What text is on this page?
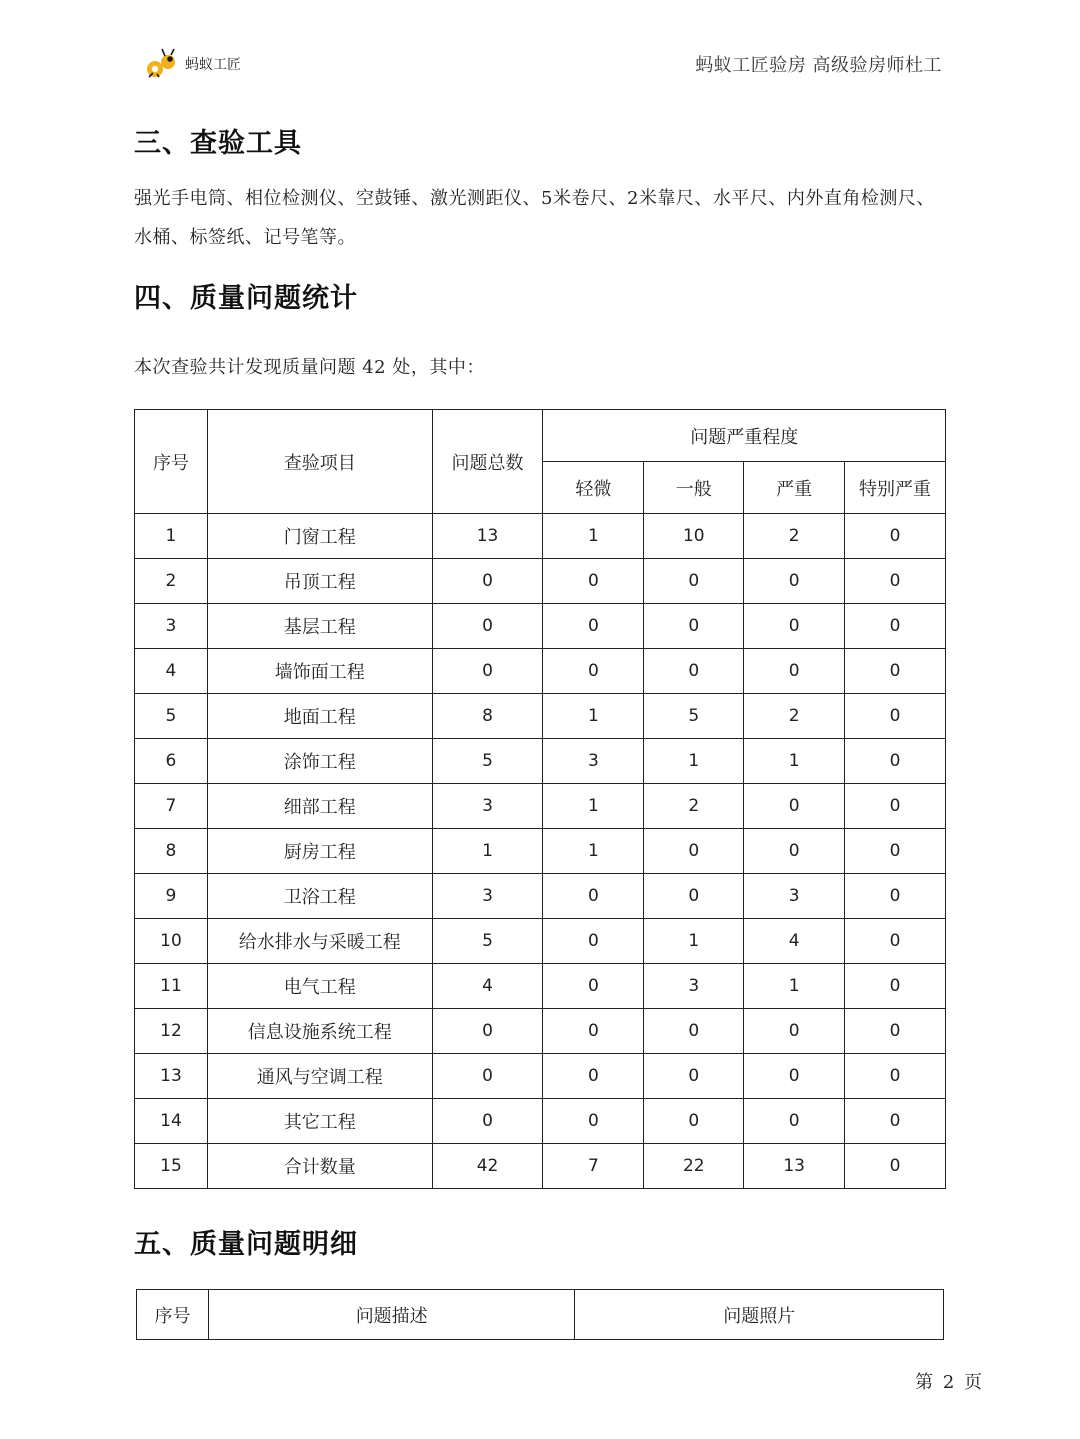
蚂蚁工匠	蚂蚁工匠验房 高级验房师杜工
三、查验工具
强光手电筒、相位检测仪、空鼓锤、激光测距仪、5米卷尺、2米靠尺、水平尺、内外直角检测尺、
水桶、标签纸、记号笔等。
四、质量问题统计
本次查验共计发现质量问题 42 处，其中：
序号	查验项目	问题总数	问题严重程度			
			轻微	一般	严重	特别严重
1	门窗工程	13	1	10	2	0
2	吊顶工程	0	0	0	0	0
3	基层工程	0	0	0	0	0
4	墙饰面工程	0	0	0	0	0
5	地面工程	8	1	5	2	0
6	涂饰工程	5	3	1	1	0
7	细部工程	3	1	2	0	0
8	厨房工程	1	1	0	0	0
9	卫浴工程	3	0	0	3	0
10	给水排水与采暖工程	5	0	1	4	0
11	电气工程	4	0	3	1	0
12	信息设施系统工程	0	0	0	0	0
13	通风与空调工程	0	0	0	0	0
14	其它工程	0	0	0	0	0
15	合计数量	42	7	22	13	0
五、质量问题明细
序号	问题描述	问题照片
第 2 页
